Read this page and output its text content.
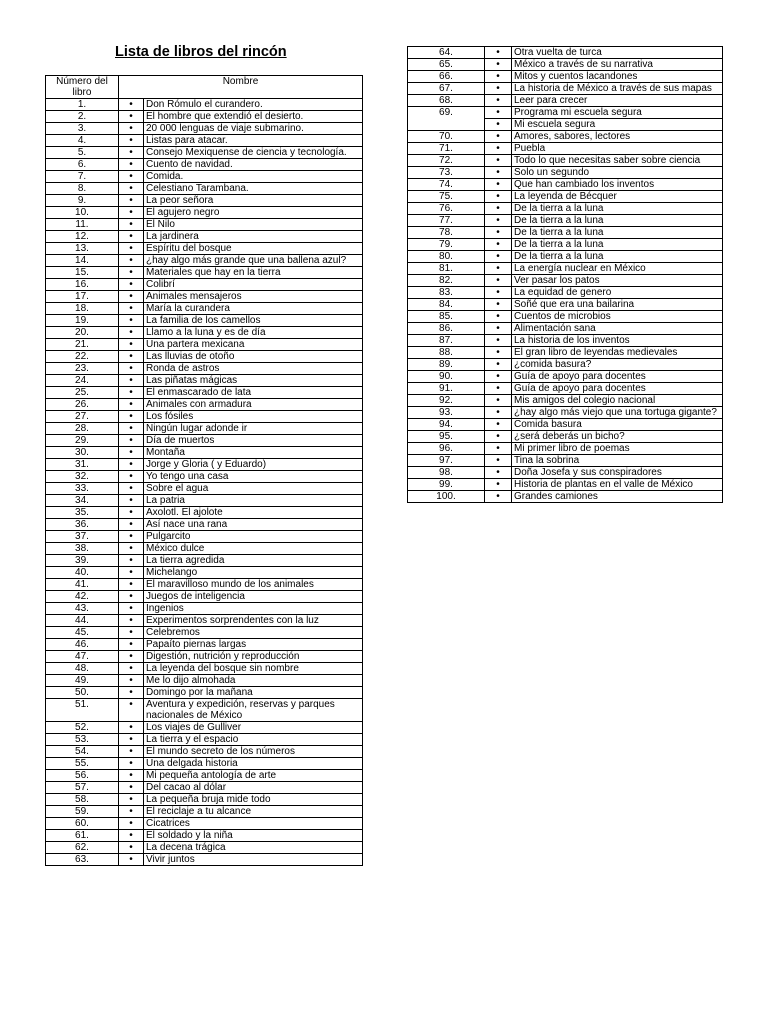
Lista de libros del rincón
Número del libro	Nombre	
1.	•	Don Rómulo el curandero.
2.	•	El hombre que extendió el desierto.
3.	•	20 000 lenguas de viaje submarino.
4.	•	Listas para atacar.
5.	•	Consejo Mexiquense de ciencia y tecnología.
6.	•	Cuento de navidad.
7.	•	Comida.
8.	•	Celestiano Tarambana.
9.	•	La peor señora
10.	•	El agujero negro
11.	•	El Nilo
12.	•	La jardinera
13.	•	Espíritu del bosque
14.	•	¿hay algo más grande que una ballena azul?
15.	•	Materiales que hay en la tierra
16.	•	Colibrí
17.	•	Animales mensajeros
18.	•	María la curandera
19.	•	La familia de los camellos
20.	•	Llamo a la luna y es de día
21.	•	Una partera mexicana
22.	•	Las lluvias de otoño
23.	•	Ronda de astros
24.	•	Las piñatas mágicas
25.	•	El enmascarado de lata
26.	•	Animales con armadura
27.	•	Los fósiles
28.	•	Ningún lugar adonde ir
29.	•	Día de muertos
30.	•	Montaña
31.	•	Jorge y Gloria ( y Eduardo)
32.	•	Yo tengo una casa
33.	•	Sobre el agua
34.	•	La patria
35.	•	Axolotl. El ajolote
36.	•	Así nace una rana
37.	•	Pulgarcito
38.	•	México dulce
39.	•	La tierra agredida
40.	•	Michelango
41.	•	El maravilloso mundo de los animales
42.	•	Juegos de inteligencia
43.	•	Ingenios
44.	•	Experimentos sorprendentes con la luz
45.	•	Celebremos
46.	•	Papaíto piernas largas
47.	•	Digestión, nutrición y reproducción
48.	•	La leyenda del bosque sin nombre
49.	•	Me lo dijo almohada
50.	•	Domingo por la mañana
51.	•	Aventura y expedición, reservas y parques nacionales de México
52.	•	Los viajes de Gulliver
53.	•	La tierra y el espacio
54.	•	El mundo secreto de los números
55.	•	Una delgada historia
56.	•	Mi pequeña antología de arte
57.	•	Del cacao al dólar
58.	•	La pequeña bruja mide todo
59.	•	El reciclaje a tu alcance
60.	•	Cicatrices
61.	•	El soldado y la niña
62.	•	La decena trágica
63.	•	Vivir juntos
64.	•	Otra vuelta de turca
65.	•	México a través de su narrativa
66.	•	Mitos y cuentos lacandones
67.	•	La historia de México a través de sus mapas
68.	•	Leer para crecer
69.	•	Programa mi escuela segura
	•	Mi escuela segura
70.	•	Amores, sabores, lectores
71.	•	Puebla
72.	•	Todo lo que necesitas saber sobre ciencia
73.	•	Solo un segundo
74.	•	Que han cambiado los inventos
75.	•	La leyenda de Bécquer
76.	•	De la tierra a la luna
77.	•	De la tierra a la luna
78.	•	De la tierra a la luna
79.	•	De la tierra a la luna
80.	•	De la tierra a la luna
81.	•	La energía nuclear en México
82.	•	Ver pasar los patos
83.	•	La equidad de genero
84.	•	Soñé que era una bailarina
85.	•	Cuentos de microbios
86.	•	Alimentación sana
87.	•	La historia de los inventos
88.	•	El gran libro de leyendas medievales
89.	•	¿comida basura?
90.	•	Guía de apoyo para docentes
91.	•	Guía de apoyo para docentes
92.	•	Mis amigos del colegio nacional
93.	•	¿hay algo más viejo que una tortuga gigante?
94.	•	Comida basura
95.	•	¿será deberás un bicho?
96.	•	Mi primer libro de poemas
97.	•	Tina la sobrina
98.	•	Doña Josefa y sus conspiradores
99.	•	Historia de plantas en el valle de México
100.	•	Grandes camiones
